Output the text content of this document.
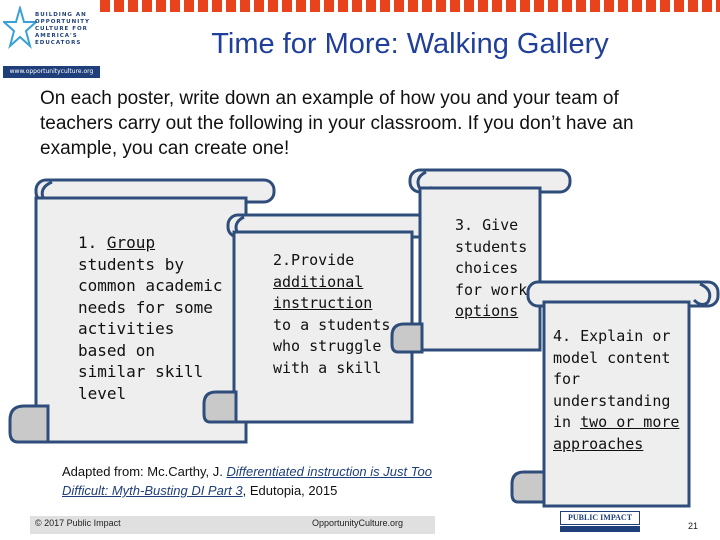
BUILDING AN OPPORTUNITY CULTURE FOR AMERICA'S EDUCATORS
www.opportunityculture.org
Time for More: Walking Gallery
On each poster, write down an example of how you and your team of teachers carry out the following in your classroom. If you don’t have an example, you can create one!
1. Group students by common academic needs for some activities based on similar skill level
2.Provide additional instruction to a students who struggle with a skill
3. Give students choices for work options
4. Explain or model content for understanding in two or more approaches
Adapted from: Mc.Carthy, J. Differentiated instruction is Just Too Difficult: Myth-Busting DI Part 3, Edutopia, 2015
© 2017 Public Impact	OpportunityCulture.org
PUBLIC IMPACT
21
